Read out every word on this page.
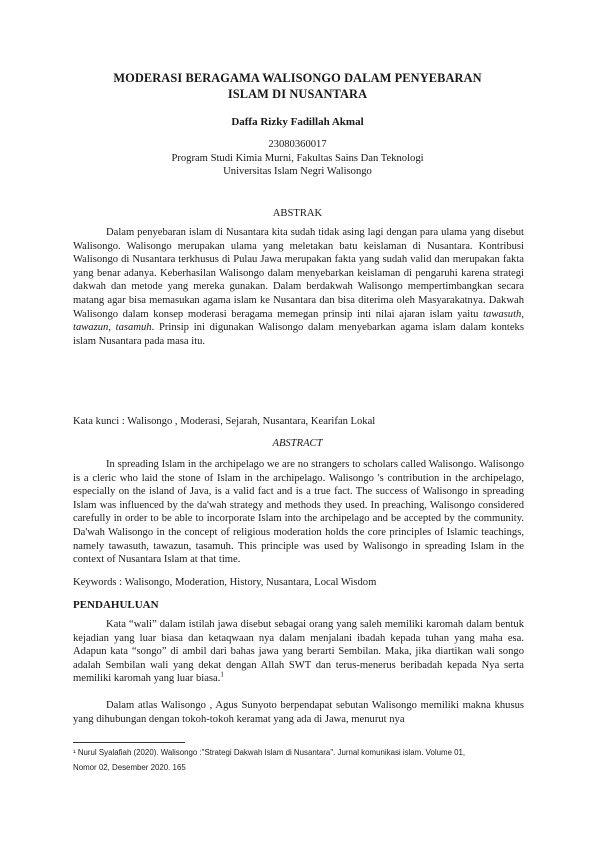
MODERASI BERAGAMA WALISONGO DALAM PENYEBARAN
ISLAM DI NUSANTARA
Daffa Rizky Fadillah Akmal
23080360017
Program Studi Kimia Murni, Fakultas Sains Dan Teknologi
Universitas Islam Negri Walisongo
ABSTRAK

Dalam penyebaran islam di Nusantara kita sudah tidak asing lagi dengan para ulama yang disebut Walisongo. Walisongo merupakan ulama yang meletakan batu keislaman di Nusantara. Kontribusi Walisongo di Nusantara terkhusus di Pulau Jawa merupakan fakta yang sudah valid dan merupakan fakta yang benar adanya. Keberhasilan Walisongo dalam menyebarkan keislaman di pengaruhi karena strategi dakwah dan metode yang mereka gunakan. Dalam berdakwah Walisongo mempertimbangkan secara matang agar bisa memasukan agama islam ke Nusantara dan bisa diterima oleh Masyarakatnya. Dakwah Walisongo dalam konsep moderasi beragama memegan prinsip inti nilai ajaran islam yaitu tawasuth, tawazun, tasamuh. Prinsip ini digunakan Walisongo dalam menyebarkan agama islam dalam konteks islam Nusantara pada masa itu.

Kata kunci : Walisongo , Moderasi, Sejarah, Nusantara, Kearifan Lokal
ABSTRACT

In spreading Islam in the archipelago we are no strangers to scholars called Walisongo. Walisongo is a cleric who laid the stone of Islam in the archipelago. Walisongo 's contribution in the archipelago, especially on the island of Java, is a valid fact and is a true fact. The success of Walisongo in spreading Islam was influenced by the da'wah strategy and methods they used. In preaching, Walisongo considered carefully in order to be able to incorporate Islam into the archipelago and be accepted by the community. Da'wah Walisongo in the concept of religious moderation holds the core principles of Islamic teachings, namely tawasuth, tawazun, tasamuh. This principle was used by Walisongo in spreading Islam in the context of Nusantara Islam at that time.

Keywords : Walisongo, Moderation, History, Nusantara, Local Wisdom
PENDAHULUAN

Kata “wali” dalam istilah jawa disebut sebagai orang yang saleh memiliki karomah dalam bentuk kejadian yang luar biasa dan ketaqwaan nya dalam menjalani ibadah kepada tuhan yang maha esa. Adapun kata “songo” di ambil dari bahas jawa yang berarti Sembilan. Maka, jika diartikan wali songo adalah Sembilan wali yang dekat dengan Allah SWT dan terus-menerus beribadah kepada Nya serta memiliki karomah yang luar biasa.$^1$

Dalam atlas Walisongo , Agus Sunyoto berpendapat sebutan Walisongo memiliki makna khusus yang dihubungan dengan tokoh-tokoh keramat yang ada di Jawa, menurut nya

¹ Nurul Syalafiah (2020). Walisongo :"Strategi Dakwah Islam di Nusantara". Jurnal komunikasi islam. Volume 01,
Nomor 02, Desember 2020. 165
